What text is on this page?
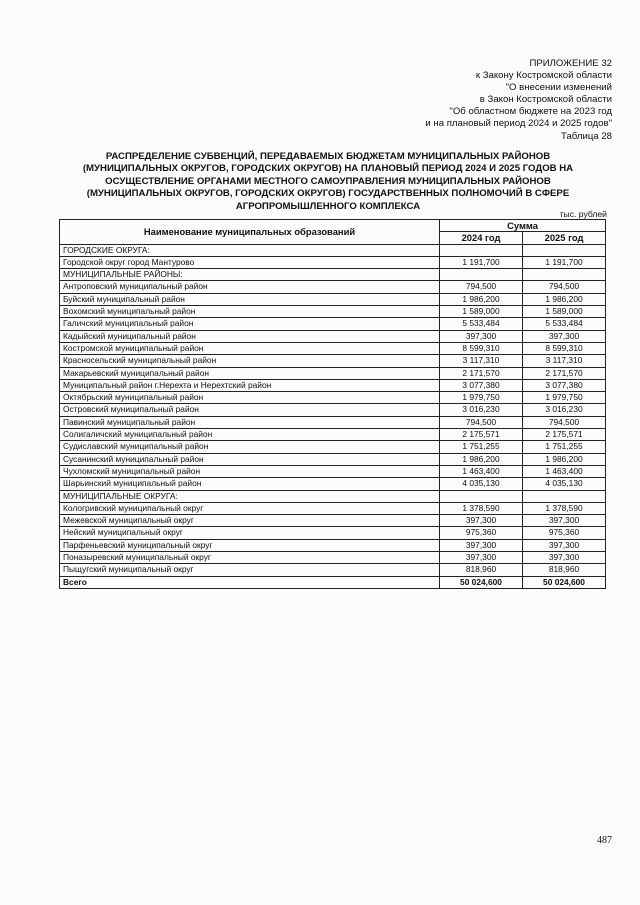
ПРИЛОЖЕНИЕ 32
к Закону Костромской области
"О внесении изменений
в Закон Костромской области
"Об областном бюджете на 2023 год
и на плановый период 2024 и 2025 годов"
Таблица 28
РАСПРЕДЕЛЕНИЕ СУБВЕНЦИЙ, ПЕРЕДАВАЕМЫХ БЮДЖЕТАМ МУНИЦИПАЛЬНЫХ РАЙОНОВ
(МУНИЦИПАЛЬНЫХ ОКРУГОВ, ГОРОДСКИХ ОКРУГОВ) НА ПЛАНОВЫЙ ПЕРИОД 2024 И 2025 ГОДОВ НА
ОСУЩЕСТВЛЕНИЕ ОРГАНАМИ МЕСТНОГО САМОУПРАВЛЕНИЯ МУНИЦИПАЛЬНЫХ РАЙОНОВ
(МУНИЦИПАЛЬНЫХ ОКРУГОВ, ГОРОДСКИХ ОКРУГОВ) ГОСУДАРСТВЕННЫХ ПОЛНОМОЧИЙ В СФЕРЕ
АГРОПРОМЫШЛЕННОГО КОМПЛЕКСА
тыс. рублей
Наименование муниципальных образований	Сумма	
	2024 год	2025 год
ГОРОДСКИЕ ОКРУГА:		
Городской округ город Мантурово	1 191,700	1 191,700
МУНИЦИПАЛЬНЫЕ РАЙОНЫ:		
Антроповский муниципальный район	794,500	794,500
Буйский муниципальный район	1 986,200	1 986,200
Вохомский муниципальный район	1 589,000	1 589,000
Галичский муниципальный район	5 533,484	5 533,484
Кадыйский муниципальный район	397,300	397,300
Костромской муниципальный район	8 599,310	8 599,310
Красносельский муниципальный район	3 117,310	3 117,310
Макарьевский муниципальный район	2 171,570	2 171,570
Муниципальный район г.Нерехта и Нерехтский район	3 077,380	3 077,380
Октябрьский муниципальный район	1 979,750	1 979,750
Островский муниципальный район	3 016,230	3 016,230
Павинский муниципальный район	794,500	794,500
Солигаличский муниципальный район	2 175,571	2 175,571
Судиславский муниципальный район	1 751,255	1 751,255
Сусанинский муниципальный район	1 986,200	1 986,200
Чухломский муниципальный район	1 463,400	1 463,400
Шарьинский муниципальный район	4 035,130	4 035,130
МУНИЦИПАЛЬНЫЕ ОКРУГА:		
Кологривский муниципальный округ	1 378,590	1 378,590
Межевской муниципальный округ	397,300	397,300
Нейский муниципальный округ	975,360	975,360
Парфеньевский муниципальный округ	397,300	397,300
Поназыревский муниципальный округ	397,300	397,300
Пыщугский муниципальный округ	818,960	818,960
Всего	50 024,600	50 024,600
487
